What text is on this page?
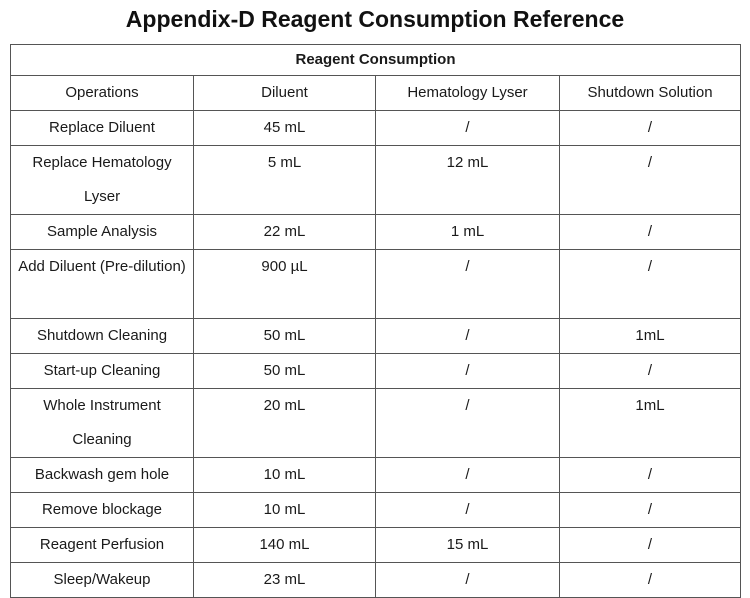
Appendix-D Reagent Consumption Reference
Reagent Consumption			
Operations	Diluent	Hematology Lyser	Shutdown Solution
Replace Diluent	45 mL	/	/
Replace Hematology Lyser	5 mL	12 mL	/
Sample Analysis	22 mL	1 mL	/
Add Diluent (Pre-dilution)	900 µL	/	/
Shutdown Cleaning	50 mL	/	1mL
Start-up Cleaning	50 mL	/	/
Whole Instrument Cleaning	20 mL	/	1mL
Backwash gem hole	10 mL	/	/
Remove blockage	10 mL	/	/
Reagent Perfusion	140 mL	15 mL	/
Sleep/Wakeup	23 mL	/	/
